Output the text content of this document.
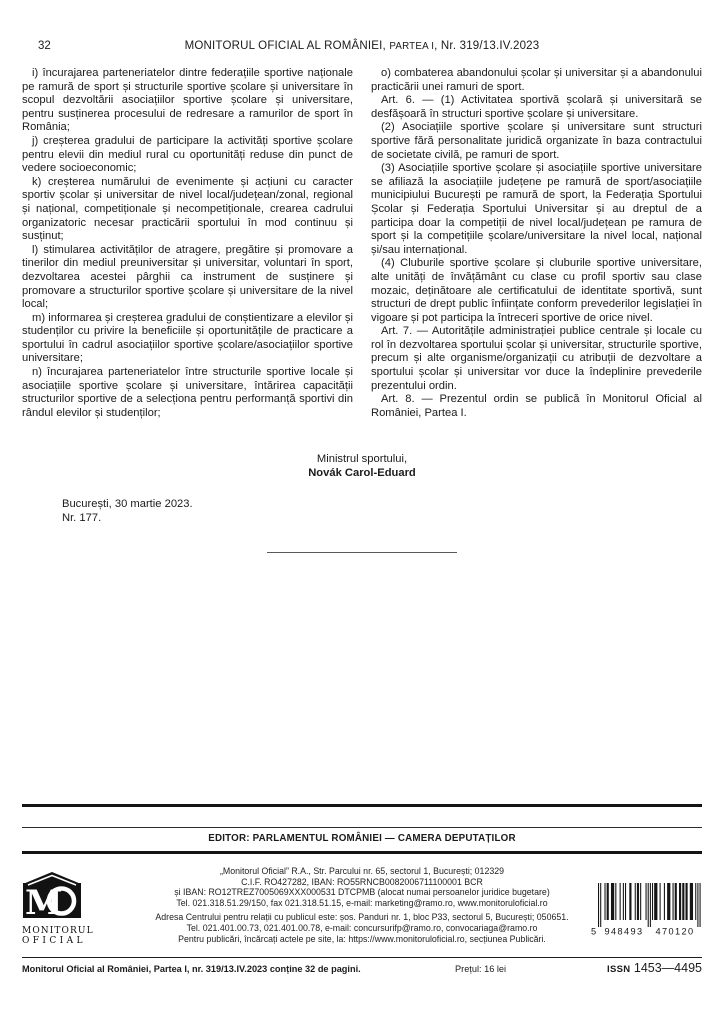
32	MONITORUL OFICIAL AL ROMÂNIEI, PARTEA I, Nr. 319/13.IV.2023

i) încurajarea parteneriatelor dintre federațiile sportive naționale pe ramură de sport și structurile sportive școlare și universitare în scopul dezvoltării asociațiilor sportive școlare și universitare, pentru susținerea procesului de redresare a ramurilor de sport în România;

j) creșterea gradului de participare la activități sportive școlare pentru elevii din mediul rural cu oportunități reduse din punct de vedere socioeconomic;

k) creșterea numărului de evenimente și acțiuni cu caracter sportiv școlar și universitar de nivel local/județean/zonal, regional și național, competiționale și necompetiționale, crearea cadrului organizatoric necesar practicării sportului în mod continuu și susținut;

l) stimularea activităților de atragere, pregătire și promovare a tinerilor din mediul preuniversitar și universitar, voluntari în sport, dezvoltarea acestei pârghii ca instrument de susținere și promovare a structurilor sportive școlare și universitare de la nivel local;

m) informarea și creșterea gradului de conștientizare a elevilor și studenților cu privire la beneficiile și oportunitățile de practicare a sportului în cadrul asociațiilor sportive școlare/asociațiilor sportive universitare;

n) încurajarea parteneriatelor între structurile sportive locale și asociațiile sportive școlare și universitare, întărirea capacității structurilor sportive de a selecționa pentru performanță sportivi din rândul elevilor și studenților;

o) combaterea abandonului școlar și universitar și a abandonului practicării unei ramuri de sport.

Art. 6. — (1) Activitatea sportivă școlară și universitară se desfășoară în structuri sportive școlare și universitare.

(2) Asociațiile sportive școlare și universitare sunt structuri sportive fără personalitate juridică organizate în baza contractului de societate civilă, pe ramuri de sport.

(3) Asociațiile sportive școlare și asociațiile sportive universitare se afiliază la asociațiile județene pe ramură de sport/asociațiile municipiului București pe ramură de sport, la Federația Sportului Școlar și Federația Sportului Universitar și au dreptul de a participa doar la competiții de nivel local/județean pe ramura de sport și la competițiile școlare/universitare la nivel local, național și/sau internațional.

(4) Cluburile sportive școlare și cluburile sportive universitare, alte unități de învățământ cu clase cu profil sportiv sau clase mozaic, deținătoare ale certificatului de identitate sportivă, sunt structuri de drept public înființate conform prevederilor legislației în vigoare și pot participa la întreceri sportive de orice nivel.

Art. 7. — Autoritățile administrației publice centrale și locale cu rol în dezvoltarea sportului școlar și universitar, structurile sportive, precum și alte organisme/organizații cu atribuții de dezvoltare a sportului școlar și universitar vor duce la îndeplinire prevederile prezentului ordin.

Art. 8. — Prezentul ordin se publică în Monitorul Oficial al României, Partea I.

Ministrul sportului,
Novák Carol-Eduard
București, 30 martie 2023.
Nr. 177.
EDITOR: PARLAMENTUL ROMÂNIEI — CAMERA DEPUTAȚILOR
M
MONITORUL
OFICIAL
„Monitorul Oficial” R.A., Str. Parcului nr. 65, sectorul 1, București; 012329
C.I.F. RO427282, IBAN: RO55RNCB0082006711100001 BCR
și IBAN: RO12TREZ7005069XXX000531 DTCPMB (alocat numai persoanelor juridice bugetare)
Tel. 021.318.51.29/150, fax 021.318.51.15, e-mail: marketing@ramo.ro, www.monitoruloficial.ro
Adresa Centrului pentru relații cu publicul este: șos. Panduri nr. 1, bloc P33, sectorul 5, București; 050651.
Tel. 021.401.00.73, 021.401.00.78, e-mail: concursurifp@ramo.ro, convocariaga@ramo.ro
Pentru publicări, încărcați actele pe site, la: https://www.monitoruloficial.ro, secțiunea Publicări.
5 948493 470120
Monitorul Oficial al României, Partea I, nr. 319/13.IV.2023 conține 32 de pagini.	Prețul: 16 lei	ISSN 1453—4495
